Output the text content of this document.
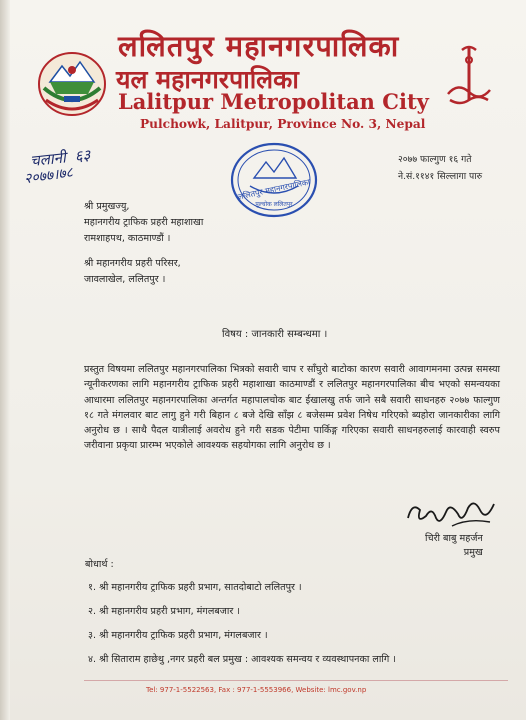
ललितपुर महानगरपालिका
यल महानगरपालिका
Lalitpur Metropolitan City
Pulchowk, Lalitpur, Province No. 3, Nepal
चलानी ६३
२०७७।७८
ललितपुर महानगरपालिका
पुल्चोक ललितपुर
२०७७ फाल्गुण १६ गते
ने.सं.११४१ सिल्लागा पारु
श्री प्रमुखज्यु,
महानगरीय ट्राफिक प्रहरी महाशाखा
रामशाहपथ, काठमाण्डौं ।
श्री महानगरीय प्रहरी परिसर,
जावलाखेल, ललितपुर ।
विषय : जानकारी सम्बन्धमा ।
प्रस्तुत विषयमा ललितपुर महानगरपालिका भित्रको सवारी चाप र साँघुरो बाटोका कारण सवारी आवागमनमा उत्पन्न समस्या न्यूनीकरणका लागि महानगरीय ट्राफिक प्रहरी महाशाखा काठमाण्डौं र ललितपुर महानगरपालिका बीच भएको समन्वयका आधारमा ललितपुर महानगरपालिका अन्तर्गत महापालचोक बाट ईखालखु तर्फ जाने सबै सवारी साधनहरु २०७७ फाल्गुण १८ गते मंगलवार बाट लागु हुने गरी बिहान ८ बजे देखि साँझ ८ बजेसम्म प्रवेश निषेध गरिएको ब्यहोरा जानकारीका लागि अनुरोध छ । साथै पैदल यात्रीलाई अवरोध हुने गरी सडक पेटीमा पार्किङ्ग गरिएका सवारी साधनहरुलाई कारवाही स्वरुप जरीवाना प्रकृया प्रारम्भ भएकोले आवश्यक सहयोगका लागि अनुरोध छ ।
चिरी बाबु महर्जन
प्रमुख
बोधार्थ :
१. श्री महानगरीय ट्राफिक प्रहरी प्रभाग, सातदोबाटो ललितपुर ।
२. श्री महानगरीय प्रहरी प्रभाग, मंगलबजार ।
३. श्री महानगरीय ट्राफिक प्रहरी प्रभाग, मंगलबजार ।
४. श्री सिताराम हाछेथु ,नगर प्रहरी बल प्रमुख : आवश्यक समन्वय र व्यवस्थापनका लागि ।
Tel: 977-1-5522563, Fax : 977-1-5553966, Website: lmc.gov.np
